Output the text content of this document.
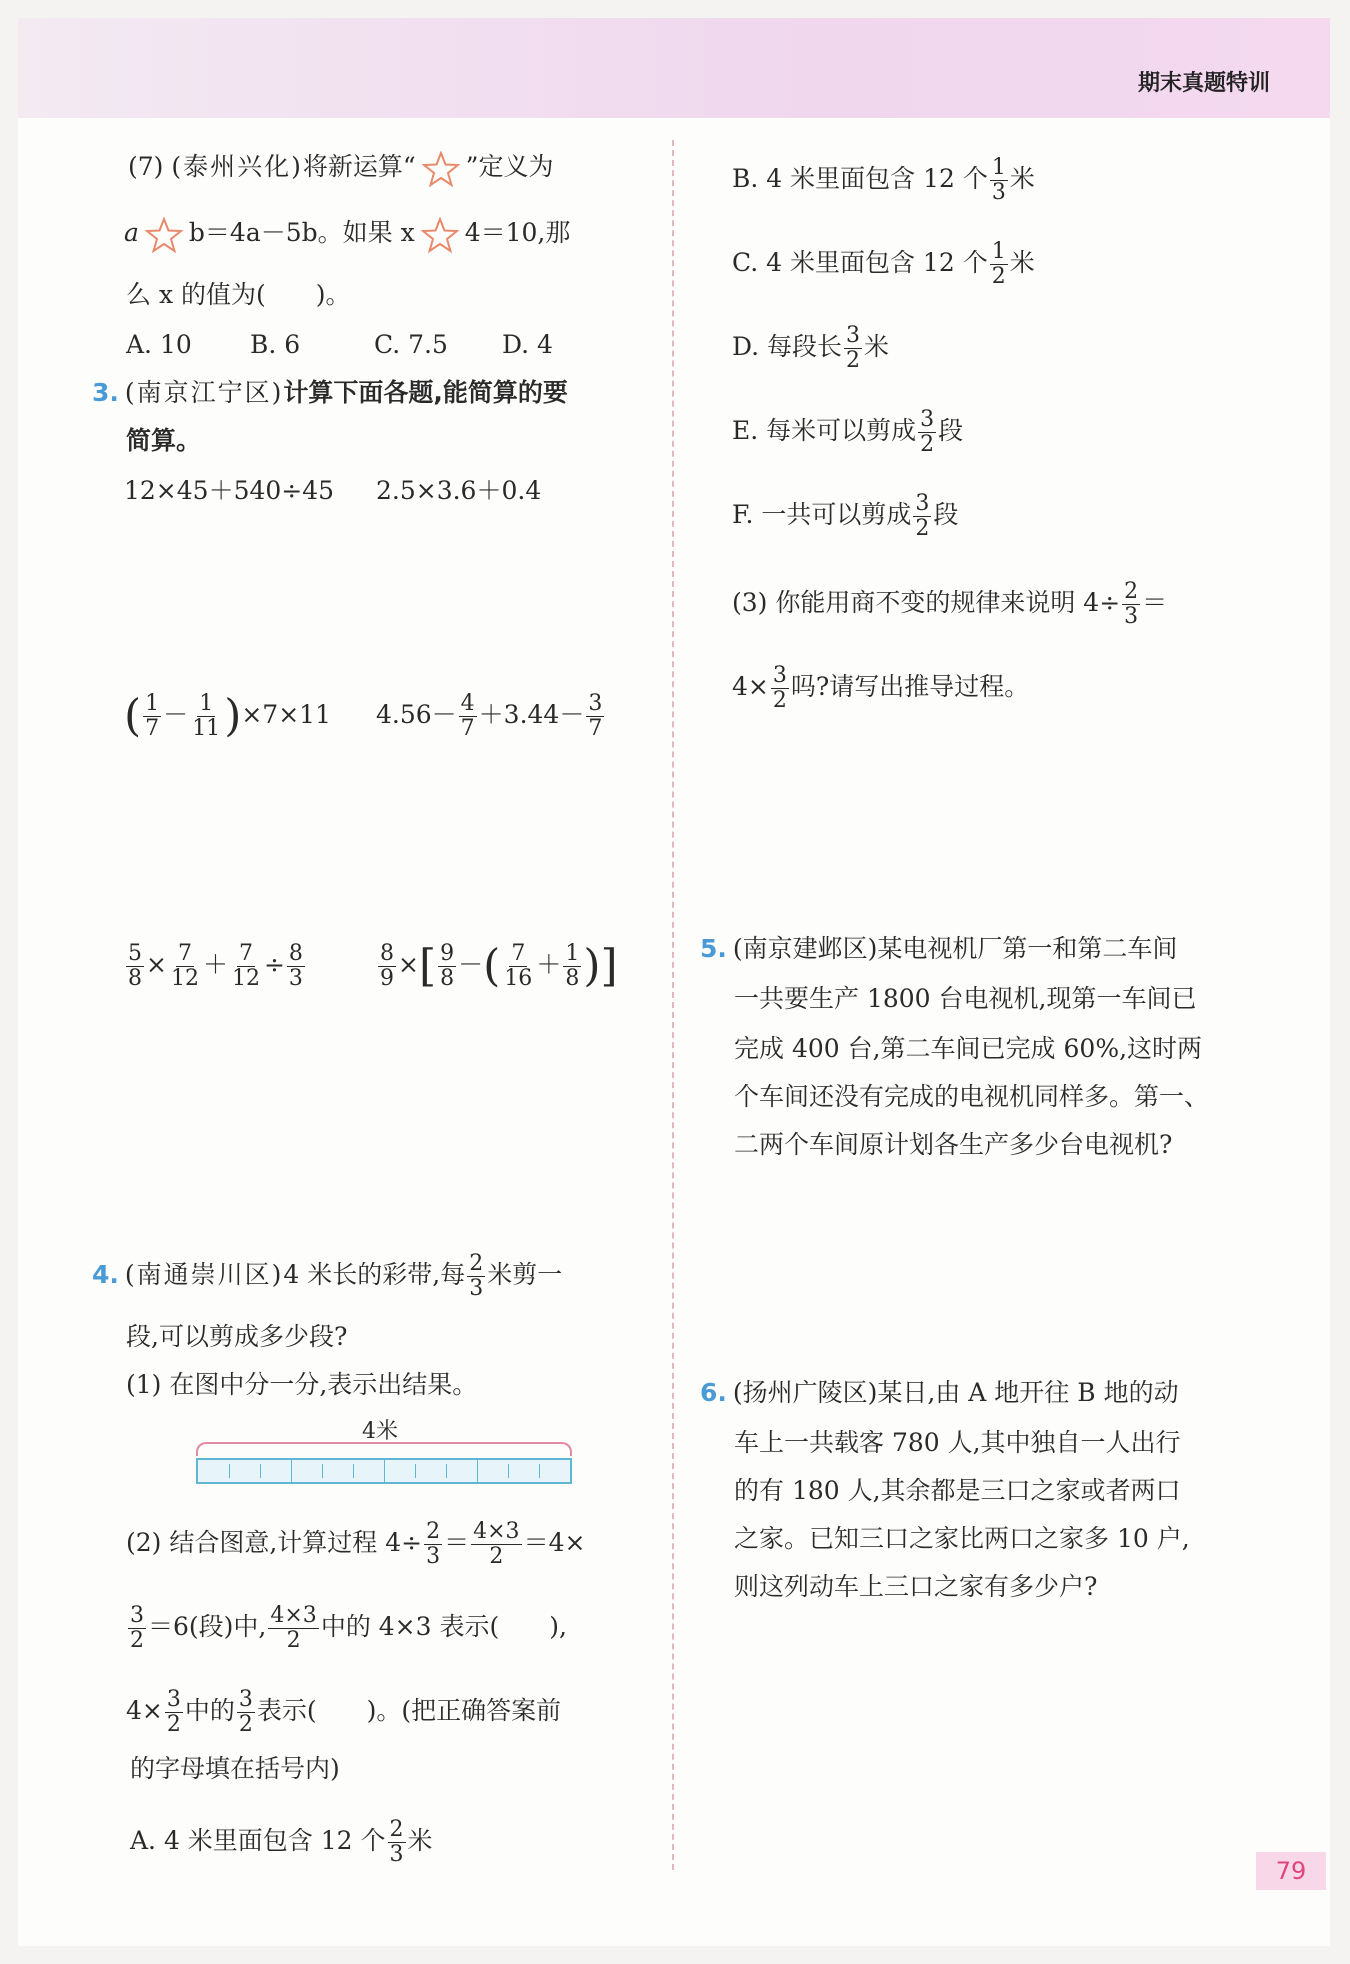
期末真题特训
(7) (泰州兴化)将新运算“ ”定义为
a b＝4a－5b。如果 x 4＝10,那
么 x 的值为(　　)。
A. 10 B. 6	C. 7.5 D. 4
3. (南京江宁区)计算下面各题,能简算的要
简算。
12×45＋540÷45 2.5×3.6＋0.4
( $\frac{1}{7} - \frac{1}{11} )\times 7\times 11$ $4.56- \frac{4}{7} +3.44- \frac{3}{7}$
$\frac{5}{8} \times \frac{7}{12} + \frac{7}{12} \div \frac{8}{3}$	$\frac{8}{9}$ ×[ $\frac{9}{8}$ －( $\frac{7}{16} + \frac{1}{8}$ )]
4. (南通崇川区)4 米长的彩带,每 $\frac{2}{3}$ 米剪一
段,可以剪成多少段?
(1) 在图中分一分,表示出结果。
4米
(2) 结合图意,计算过程 $4\div \frac{2}{3} = \frac{4\times 3}{2} =4\times$
$\frac{3}{2} =6$(段)中, $\frac{4\times 3}{2}$ 中的 4×3 表示(　　),
$4\times \frac{3}{2}$ 中的 $\frac{3}{2}$ 表示(　　)。(把正确答案前
的字母填在括号内)
A. 4 米里面包含 12 个 $\frac{2}{3}$ 米
B. 4 米里面包含 12 个 $\frac{1}{3}$ 米
C. 4 米里面包含 12 个 $\frac{1}{2}$ 米
D. 每段长 $\frac{3}{2}$ 米
E. 每米可以剪成 $\frac{3}{2}$ 段
F. 一共可以剪成 $\frac{3}{2}$ 段
(3) 你能用商不变的规律来说明 $4\div \frac{2}{3}$ ＝
$4\times \frac{3}{2}$ 吗?请写出推导过程。
5. (南京建邺区)某电视机厂第一和第二车间
一共要生产 1800 台电视机,现第一车间已
完成 400 台,第二车间已完成 60%,这时两
个车间还没有完成的电视机同样多。第一、
二两个车间原计划各生产多少台电视机?
6. (扬州广陵区)某日,由 A 地开往 B 地的动
车上一共载客 780 人,其中独自一人出行
的有 180 人,其余都是三口之家或者两口
之家。已知三口之家比两口之家多 10 户,
则这列动车上三口之家有多少户?
79
